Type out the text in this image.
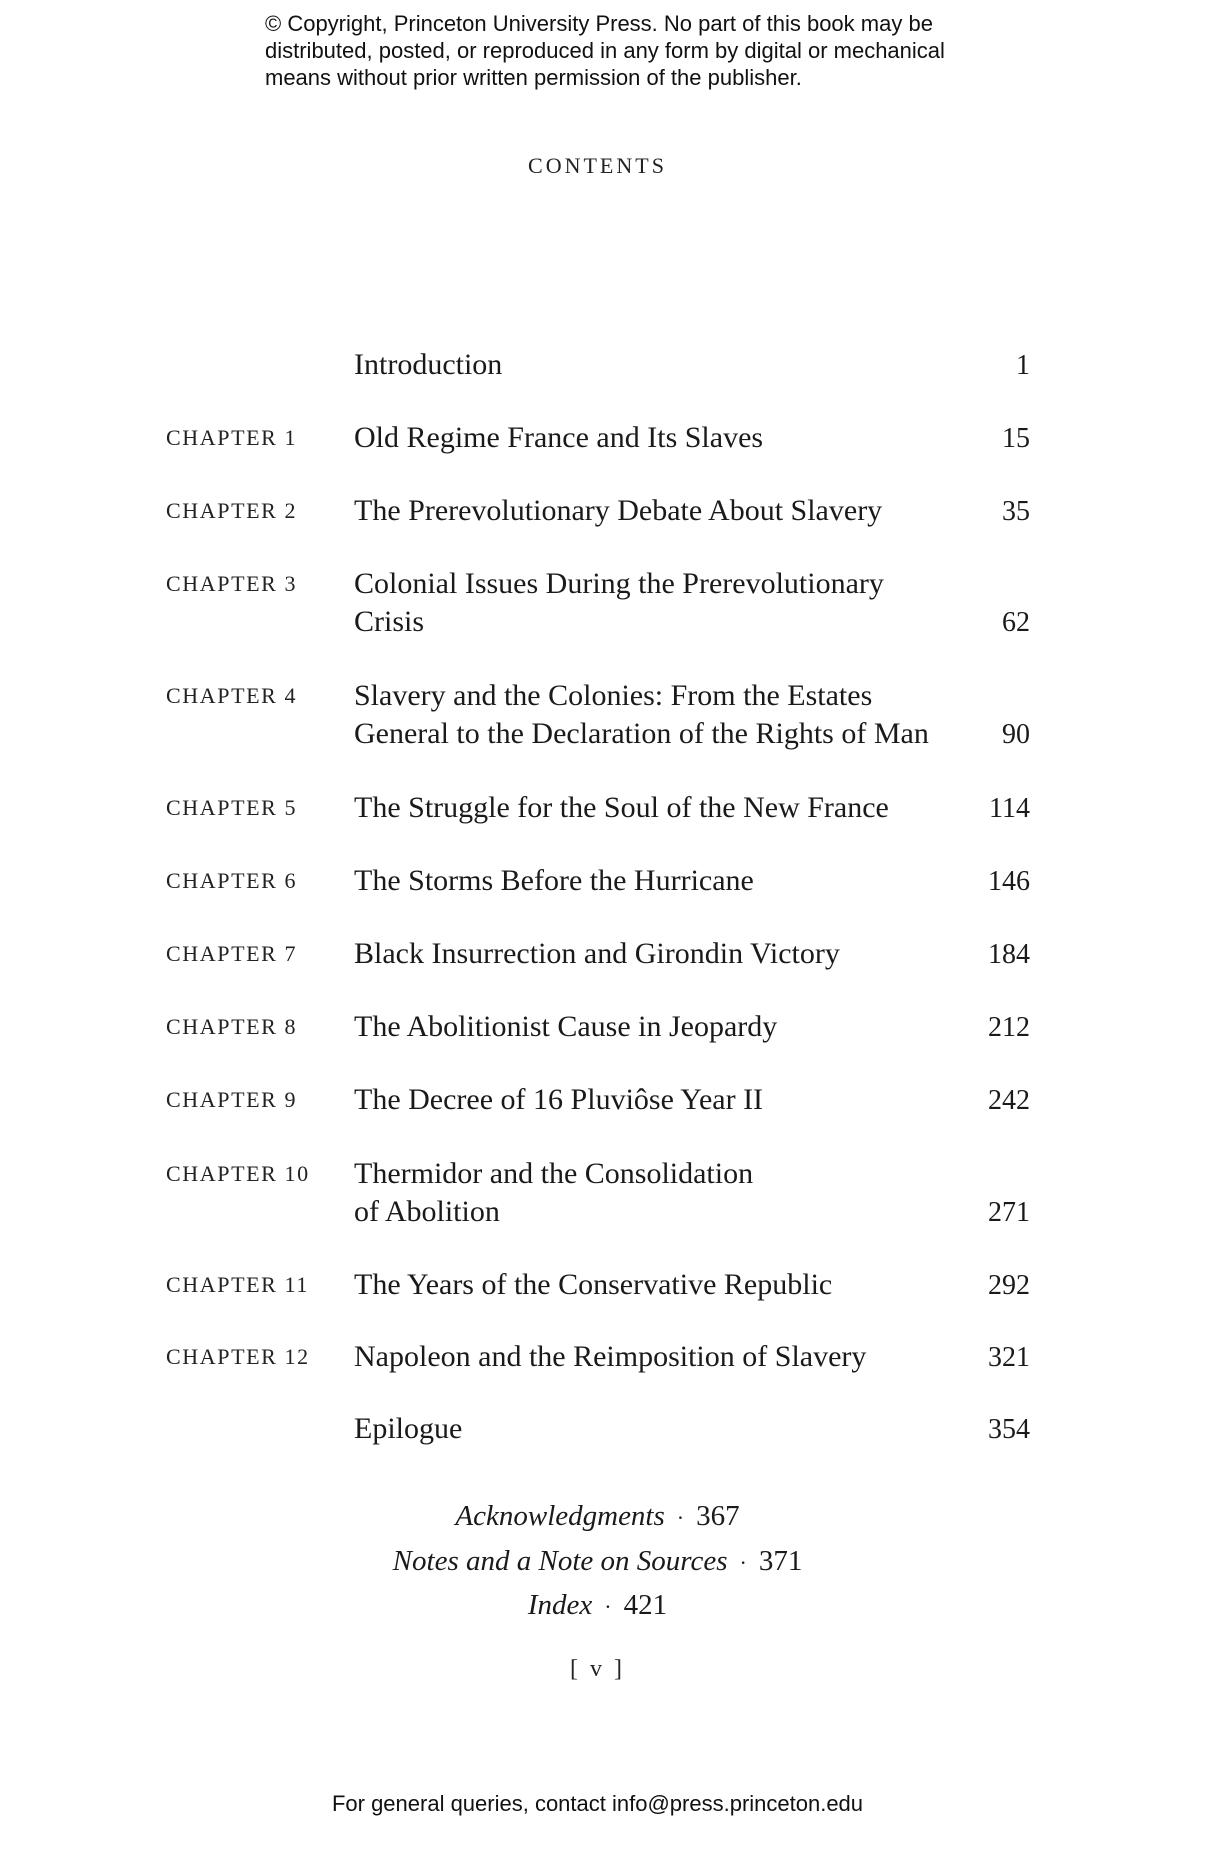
© Copyright, Princeton University Press. No part of this book may be
distributed, posted, or reproduced in any form by digital or mechanical
means without prior written permission of the publisher.
CONTENTS
Introduction	1
CHAPTER 1 Old Regime France and Its Slaves	15
CHAPTER 2 The Prerevolutionary Debate About Slavery	35
CHAPTER 3 Colonial Issues During the Prerevolutionary
Crisis	62
CHAPTER 4 Slavery and the Colonies: From the Estates
General to the Declaration of the Rights of Man	90
CHAPTER 5 The Struggle for the Soul of the New France	114
CHAPTER 6 The Storms Before the Hurricane	146
CHAPTER 7 Black Insurrection and Girondin Victory	184
CHAPTER 8 The Abolitionist Cause in Jeopardy	212
CHAPTER 9 The Decree of 16 Pluviôse Year II	242
CHAPTER 10 Thermidor and the Consolidation
of Abolition	271
CHAPTER 11 The Years of the Conservative Republic	292
CHAPTER 12 Napoleon and the Reimposition of Slavery	321
Epilogue	354
Acknowledgments · 367
Notes and a Note on Sources · 371
Index · 421
[ v ]
For general queries, contact info@press.princeton.edu
